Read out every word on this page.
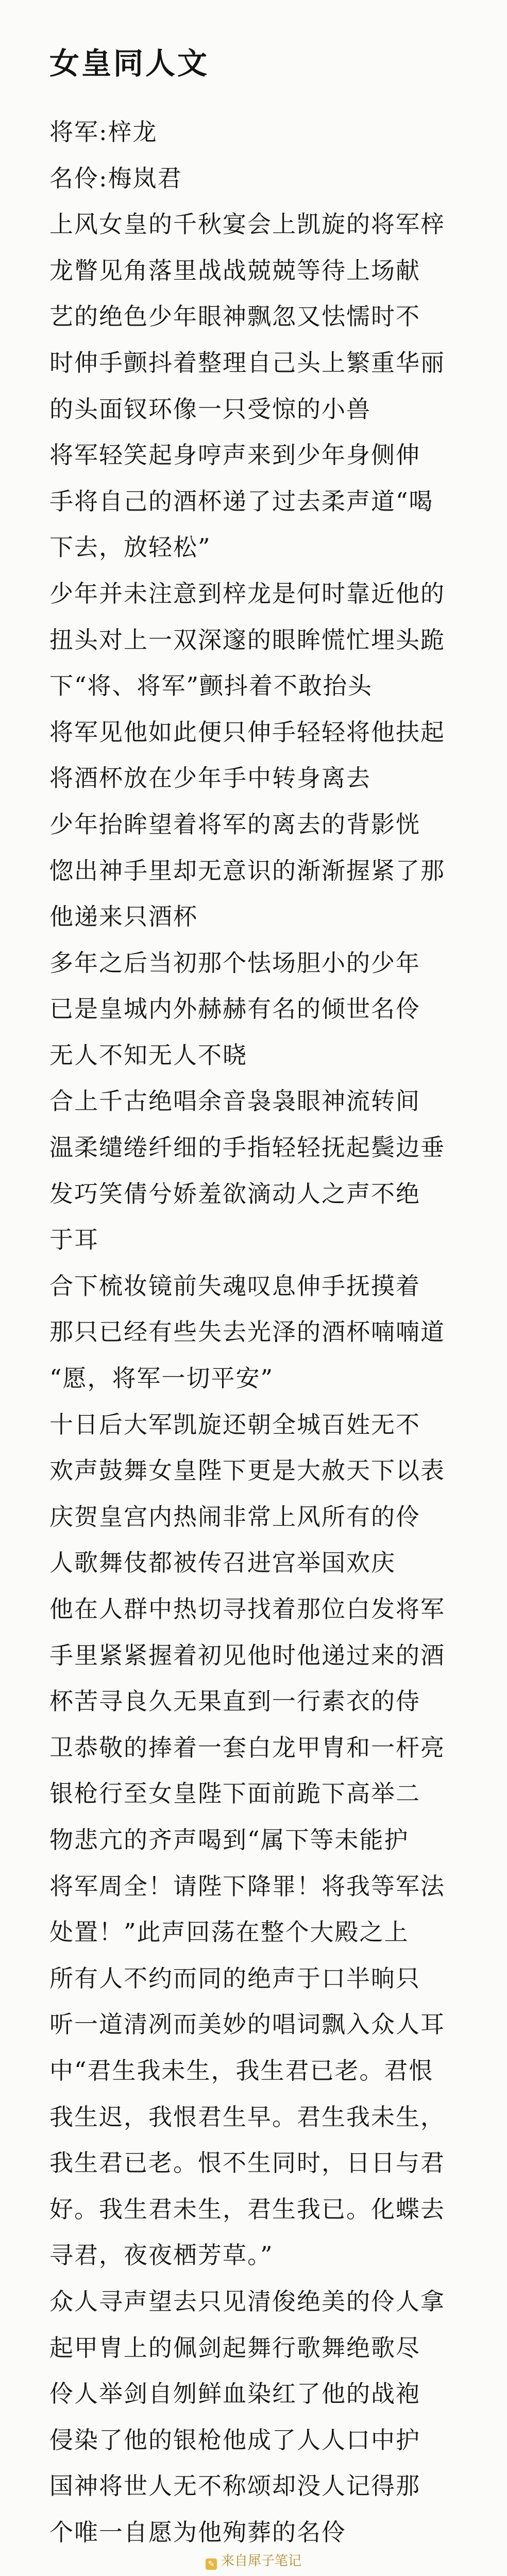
女皇同人文
将军:梓龙
名伶:梅岚君
上风女皇的千秋宴会上凯旋的将军梓
龙瞥见角落里战战兢兢等待上场献
艺的绝色少年眼神飘忽又怯懦时不
时伸手颤抖着整理自己头上繁重华丽
的头面钗环像一只受惊的小兽
将军轻笑起身哼声来到少年身侧伸
手将自己的酒杯递了过去柔声道“喝
下去，放轻松”
少年并未注意到梓龙是何时靠近他的
扭头对上一双深邃的眼眸慌忙埋头跪
下“将、将军”颤抖着不敢抬头
将军见他如此便只伸手轻轻将他扶起
将酒杯放在少年手中转身离去
少年抬眸望着将军的离去的背影恍
惚出神手里却无意识的渐渐握紧了那
他递来只酒杯
多年之后当初那个怯场胆小的少年
已是皇城内外赫赫有名的倾世名伶
无人不知无人不晓
合上千古绝唱余音袅袅眼神流转间
温柔缱绻纤细的手指轻轻抚起鬓边垂
发巧笑倩兮娇羞欲滴动人之声不绝
于耳
合下梳妆镜前失魂叹息伸手抚摸着
那只已经有些失去光泽的酒杯喃喃道
“愿，将军一切平安”
十日后大军凯旋还朝全城百姓无不
欢声鼓舞女皇陛下更是大赦天下以表
庆贺皇宫内热闹非常上风所有的伶
人歌舞伎都被传召进宫举国欢庆
他在人群中热切寻找着那位白发将军
手里紧紧握着初见他时他递过来的酒
杯苦寻良久无果直到一行素衣的侍
卫恭敬的捧着一套白龙甲胄和一杆亮
银枪行至女皇陛下面前跪下高举二
物悲亢的齐声喝到“属下等未能护
将军周全！请陛下降罪！将我等军法
处置！”此声回荡在整个大殿之上
所有人不约而同的绝声于口半晌只
听一道清冽而美妙的唱词飘入众人耳
中“君生我未生，我生君已老。君恨
我生迟，我恨君生早。君生我未生，
我生君已老。恨不生同时，日日与君
好。我生君未生，君生我已。化蝶去
寻君，夜夜栖芳草。”
众人寻声望去只见清俊绝美的伶人拿
起甲胄上的佩剑起舞行歌舞绝歌尽
伶人举剑自刎鲜血染红了他的战袍
侵染了他的银枪他成了人人口中护
国神将世人无不称颂却没人记得那
个唯一自愿为他殉葬的名伶
✎ 来自犀子笔记
